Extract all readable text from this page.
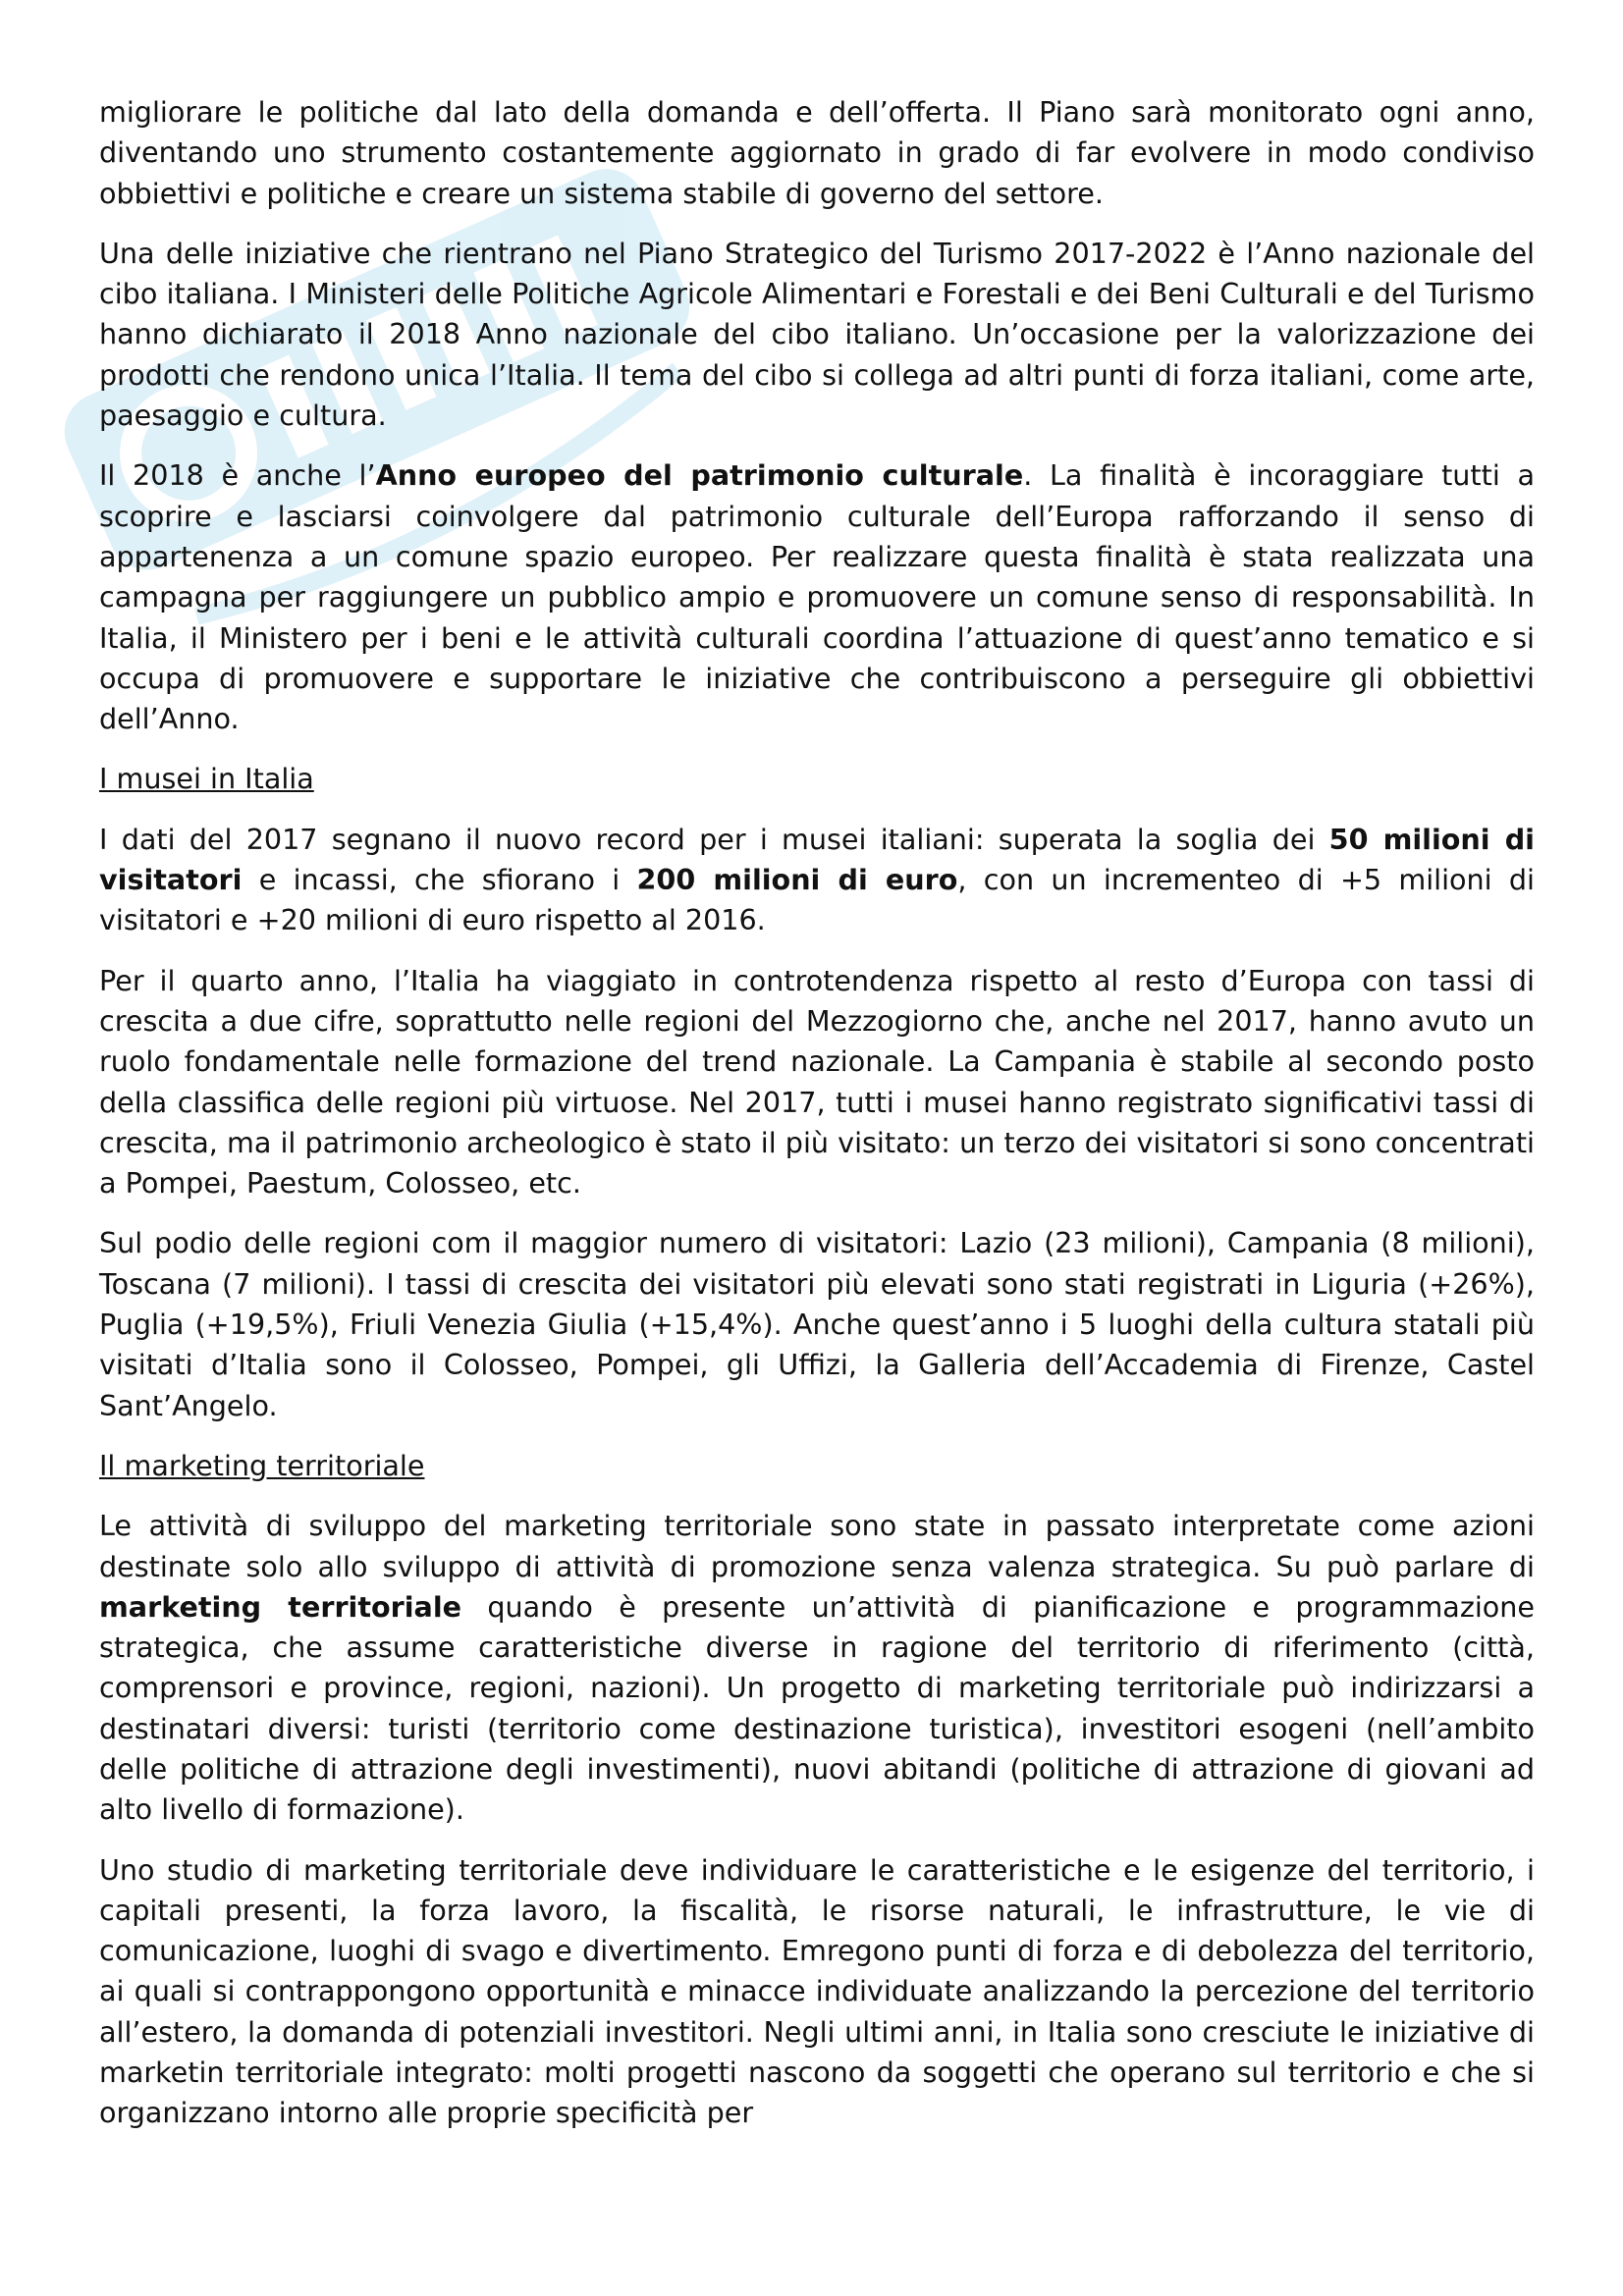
migliorare le politiche dal lato della domanda e dell’offerta. Il Piano sarà monitorato ogni anno, diventando uno strumento costantemente aggiornato in grado di far evolvere in modo condiviso obbiettivi e politiche e creare un sistema stabile di governo del settore.

Una delle iniziative che rientrano nel Piano Strategico del Turismo 2017-2022 è l’Anno nazionale del cibo italiana. I Ministeri delle Politiche Agricole Alimentari e Forestali e dei Beni Culturali e del Turismo hanno dichiarato il 2018 Anno nazionale del cibo italiano. Un’occasione per la valorizzazione dei prodotti che rendono unica l’Italia. Il tema del cibo si collega ad altri punti di forza italiani, come arte, paesaggio e cultura.

Il 2018 è anche l’Anno europeo del patrimonio culturale. La finalità è incoraggiare tutti a scoprire e lasciarsi coinvolgere dal patrimonio culturale dell’Europa rafforzando il senso di appartenenza a un comune spazio europeo. Per realizzare questa finalità è stata realizzata una campagna per raggiungere un pubblico ampio e promuovere un comune senso di responsabilità. In Italia, il Ministero per i beni e le attività culturali coordina l’attuazione di quest’anno tematico e si occupa di promuovere e supportare le iniziative che contribuiscono a perseguire gli obbiettivi dell’Anno.

I musei in Italia

I dati del 2017 segnano il nuovo record per i musei italiani: superata la soglia dei 50 milioni di visitatori e incassi, che sfiorano i 200 milioni di euro, con un incrementeo di +5 milioni di visitatori e +20 milioni di euro rispetto al 2016.

Per il quarto anno, l’Italia ha viaggiato in controtendenza rispetto al resto d’Europa con tassi di crescita a due cifre, soprattutto nelle regioni del Mezzogiorno che, anche nel 2017, hanno avuto un ruolo fondamentale nelle formazione del trend nazionale. La Campania è stabile al secondo posto della classifica delle regioni più virtuose. Nel 2017, tutti i musei hanno registrato significativi tassi di crescita, ma il patrimonio archeologico è stato il più visitato: un terzo dei visitatori si sono concentrati a Pompei, Paestum, Colosseo, etc.

Sul podio delle regioni com il maggior numero di visitatori: Lazio (23 milioni), Campania (8 milioni), Toscana (7 milioni). I tassi di crescita dei visitatori più elevati sono stati registrati in Liguria (+26%), Puglia (+19,5%), Friuli Venezia Giulia (+15,4%). Anche quest’anno i 5 luoghi della cultura statali più visitati d’Italia sono il Colosseo, Pompei, gli Uffizi, la Galleria dell’Accademia di Firenze, Castel Sant’Angelo.

Il marketing territoriale

Le attività di sviluppo del marketing territoriale sono state in passato interpretate come azioni destinate solo allo sviluppo di attività di promozione senza valenza strategica. Su può parlare di marketing territoriale quando è presente un’attività di pianificazione e programmazione strategica, che assume caratteristiche diverse in ragione del territorio di riferimento (città, comprensori e province, regioni, nazioni). Un progetto di marketing territoriale può indirizzarsi a destinatari diversi: turisti (territorio come destinazione turistica), investitori esogeni (nell’ambito delle politiche di attrazione degli investimenti), nuovi abitandi (politiche di attrazione di giovani ad alto livello di formazione).

Uno studio di marketing territoriale deve individuare le caratteristiche e le esigenze del territorio, i capitali presenti, la forza lavoro, la fiscalità, le risorse naturali, le infrastrutture, le vie di comunicazione, luoghi di svago e divertimento. Emregono punti di forza e di debolezza del territorio, ai quali si contrappongono opportunità e minacce individuate analizzando la percezione del territorio all’estero, la domanda di potenziali investitori. Negli ultimi anni, in Italia sono cresciute le iniziative di marketin territoriale integrato: molti progetti nascono da soggetti che operano sul territorio e che si organizzano intorno alle proprie specificità per
